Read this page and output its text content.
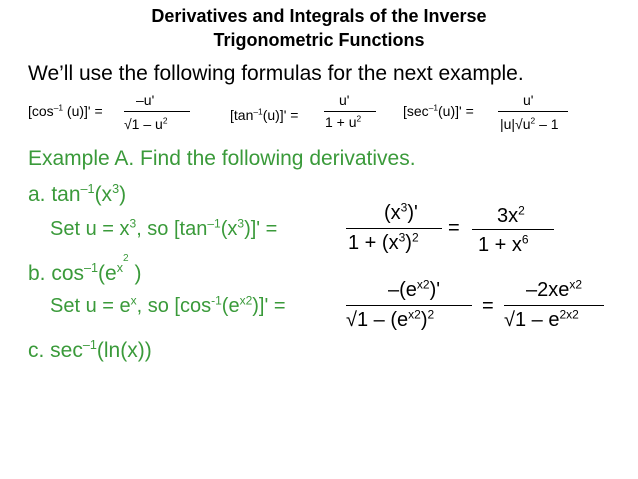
Derivatives and Integrals of the Inverse
Trigonometric Functions
We’ll use the following formulas for the next example.
[$\cos^{-1}$ (u)]' =
–u'
$√1 - u^2$	$[\tan^{-1}(u)]'$ =
u'
$1 + u^2$	$[\sec^{-1}(u)]'$ =
u'
$|u|√u^2 - 1$
Example A. Find the following derivatives.
a. $\tan^{-1}(x^3)$
Set $u = x^3$, so $[\tan^{-1}(x^3)]'$ =
$(x^3)'$
$1 + (x^3)^2$ =
$3x^2$
$1 + x^6$
b. $\cos^{-1}(e^{x^2}$ )
Set $u = e^x$, so $[\cos^{-1}(e^{x2})]'$ =
$-(e^{x2})'$
$√1 - (e^{x2})^2$ =
$-2xe^{x2}$
$√1 - e^{2x2}$
c. $\sec^{-1}(\ln(x))$
